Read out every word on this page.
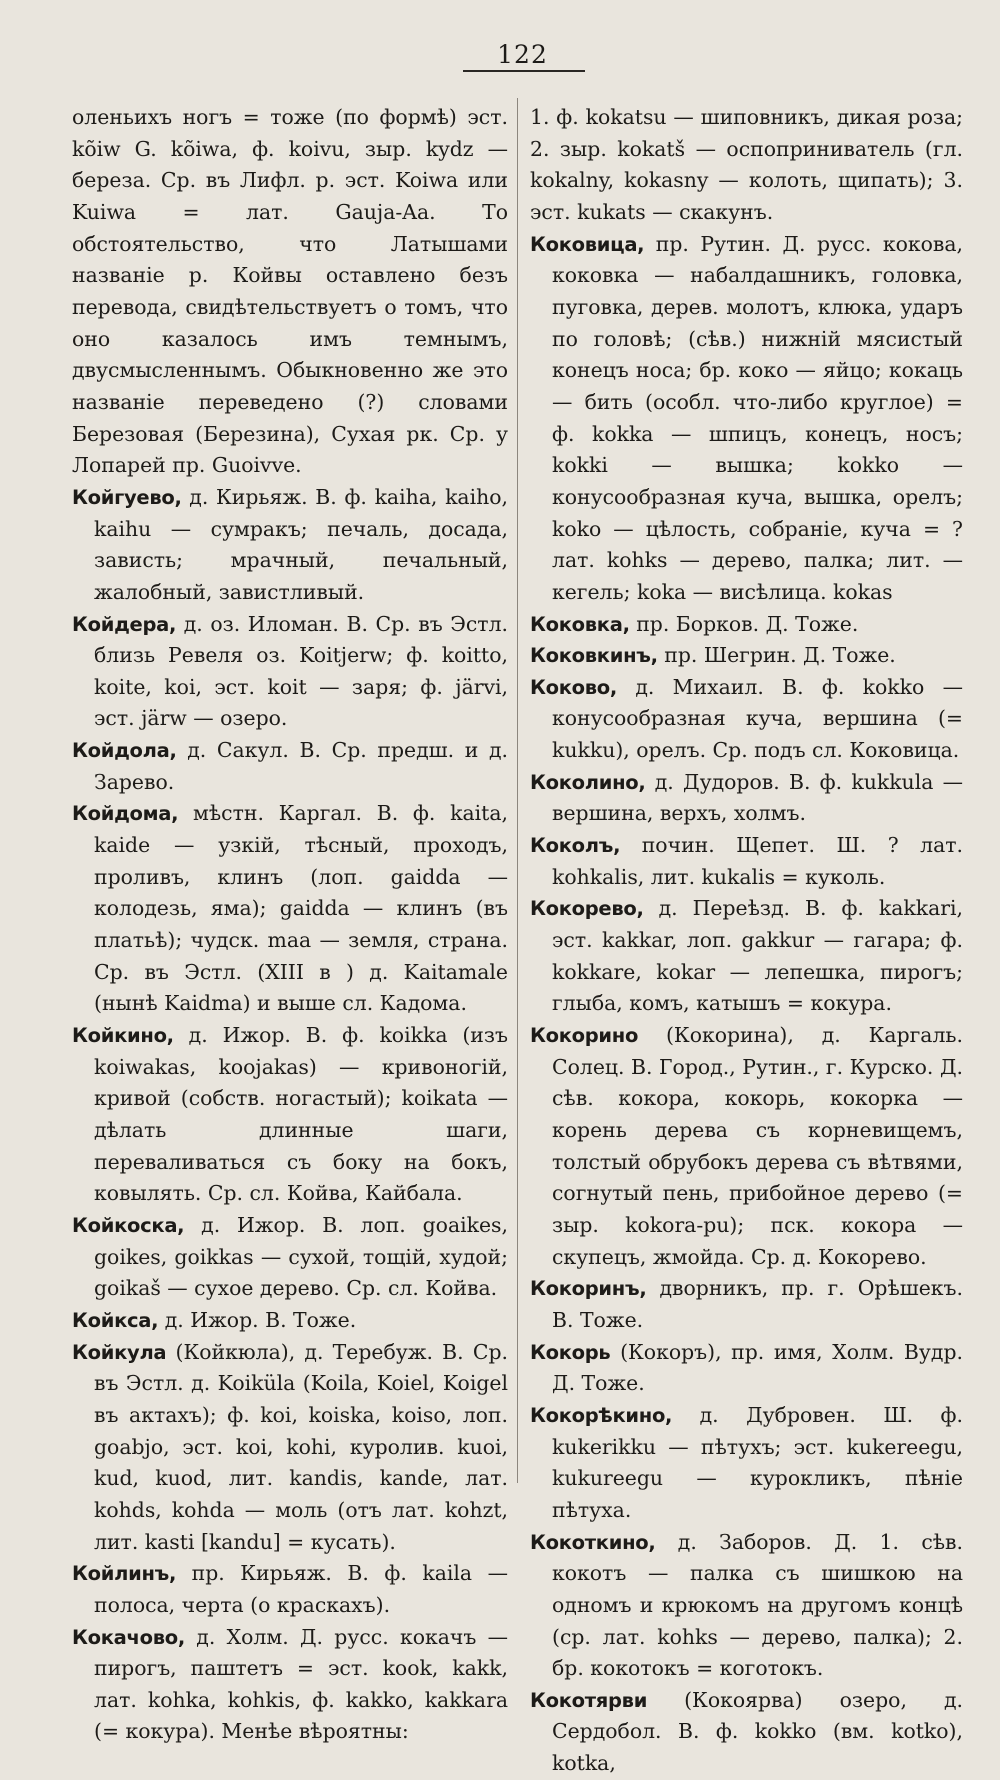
122

оленьихъ ногъ = тоже (по формѣ) эст. kõiw G. kõiwa, ф. koivu, зыр. kydz — береза. Ср. въ Лифл. р. эст. Koiwa или Kuiwa = лат. Gauja-Aa. То обстоятельство, что Латышами названiе р. Койвы оставлено безъ перевода, свидѣтельствуетъ о томъ, что оно казалось имъ темнымъ, двусмысленнымъ. Обыкновенно же это названiе переведено (?) словами Березовая (Березина), Сухая рк. Ср. у Лопарей пр. Guoivve.

Койгуево, д. Кирьяж. В. ф. kaiha, kaiho, kaihu — сумракъ; печаль, досада, зависть; мрачный, печальный, жалобный, завистливый.

Койдера, д. оз. Иломан. В. Ср. въ Эстл. близь Ревеля оз. Koitjerw; ф. koitto, koite, koi, эст. koit — заря; ф. järvi, эст. järw — озеро.

Койдола, д. Сакул. В. Ср. предш. и д. Зарево.

Койдома, мѣстн. Каргал. В. ф. kaita, kaide — узкiй, тѣсный, проходъ, проливъ, клинъ (лоп. gaidda — колодезь, яма); gaidda — клинъ (въ платьѣ); чудск. maa — земля, страна. Ср. въ Эстл. (XIII в ) д. Kaitamale (нынѣ Kaidma) и выше сл. Кадома.

Койкино, д. Ижор. В. ф. koikka (изъ koiwakas, koojakas) — кривоногiй, кривой (собств. ногастый); koikata — дѣлать длинные шаги, переваливаться съ боку на бокъ, ковылять. Ср. сл. Койва, Кайбала.

Койкоска, д. Ижор. В. лоп. goaikes, goikes, goikkas — сухой, тощiй, худой; goikaš — сухое дерево. Ср. сл. Койва.

Койкса, д. Ижор. В. Тоже.

Койкула (Койкюла), д. Теребуж. В. Ср. въ Эстл. д. Koiküla (Koila, Koiel, Koigel въ актахъ); ф. koi, koiska, koiso, лоп. goabjo, эст. koi, kohi, куролив. kuoi, kud, kuod, лит. kandis, kande, лат. kohds, kohda — моль (отъ лат. kohzt, лит. kasti [kandu] = кусать).

Койлинъ, пр. Кирьяж. В. ф. kaila — полоса, черта (о краскахъ).

Кокачово, д. Холм. Д. русс. кокачъ — пирогъ, паштетъ = эст. kook, kakk, лат. kohka, kohkis, ф. kakko, kakkara (= кокура). Менѣе вѣроятны:

1. ф. kokatsu — шиповникъ, дикая роза; 2. зыр. kokatš — оспоприниватель (гл. kokalny, kokasny — колоть, щипать); 3. эст. kukats — скакунъ.

Коковица, пр. Рутин. Д. русс. кокова, коковка — набалдашникъ, головка, пуговка, дерев. молотъ, клюка, ударъ по головѣ; (сѣв.) нижнiй мясистый конецъ носа; бр. коко — яйцо; кокаць — бить (особл. что-либо круглое) = ф. kokka — шпицъ, конецъ, носъ; kokki — вышка; kokko — конусообразная куча, вышка, орелъ; koko — цѣлость, собранiе, куча = ? лат. kohks — дерево, палка; лит. — кегель; koka — висѣлица. kokas

Коковка, пр. Борков. Д. Тоже.

Коковкинъ, пр. Шегрин. Д. Тоже.

Коково, д. Михаил. В. ф. kokko — конусообразная куча, вершина (= kukku), орелъ. Ср. подъ сл. Коковица.

Коколино, д. Дудоров. В. ф. kukkula — вершина, верхъ, холмъ.

Коколъ, почин. Щепет. Ш. ? лат. kohkalis, лит. kukalis = куколь.

Кокорево, д. Переѣзд. В. ф. kakkari, эст. kakkar, лоп. gakkur — гагара; ф. kokkare, kokar — лепешка, пирогъ; глыба, комъ, катышъ = кокура.

Кокорино (Кокорина), д. Каргаль. Солец. В. Город., Рутин., г. Курско. Д. сѣв. кокора, кокорь, кокорка — корень дерева съ корневищемъ, толстый обрубокъ дерева съ вѣтвями, согнутый пень, прибойное дерево (= зыр. kokora-pu); пск. кокора — скупецъ, жмойда. Ср. д. Кокорево.

Кокоринъ, дворникъ, пр. г. Орѣшекъ. В. Тоже.

Кокорь (Кокоръ), пр. имя, Холм. Вудр. Д. Тоже.

Кокорѣкино, д. Дубровен. Ш. ф. kukerikku — пѣтухъ; эст. kukereegu, kukureegu — курокликъ, пѣнiе пѣтуха.

Кокоткино, д. Заборов. Д. 1. сѣв. кокотъ — палка съ шишкою на одномъ и крюкомъ на другомъ концѣ (ср. лат. kohks — дерево, палка); 2. бр. кокотокъ = коготокъ.

Кокотярви (Кокоярва) озеро, д. Сердобол. В. ф. kokko (вм. kotko), kotka,
